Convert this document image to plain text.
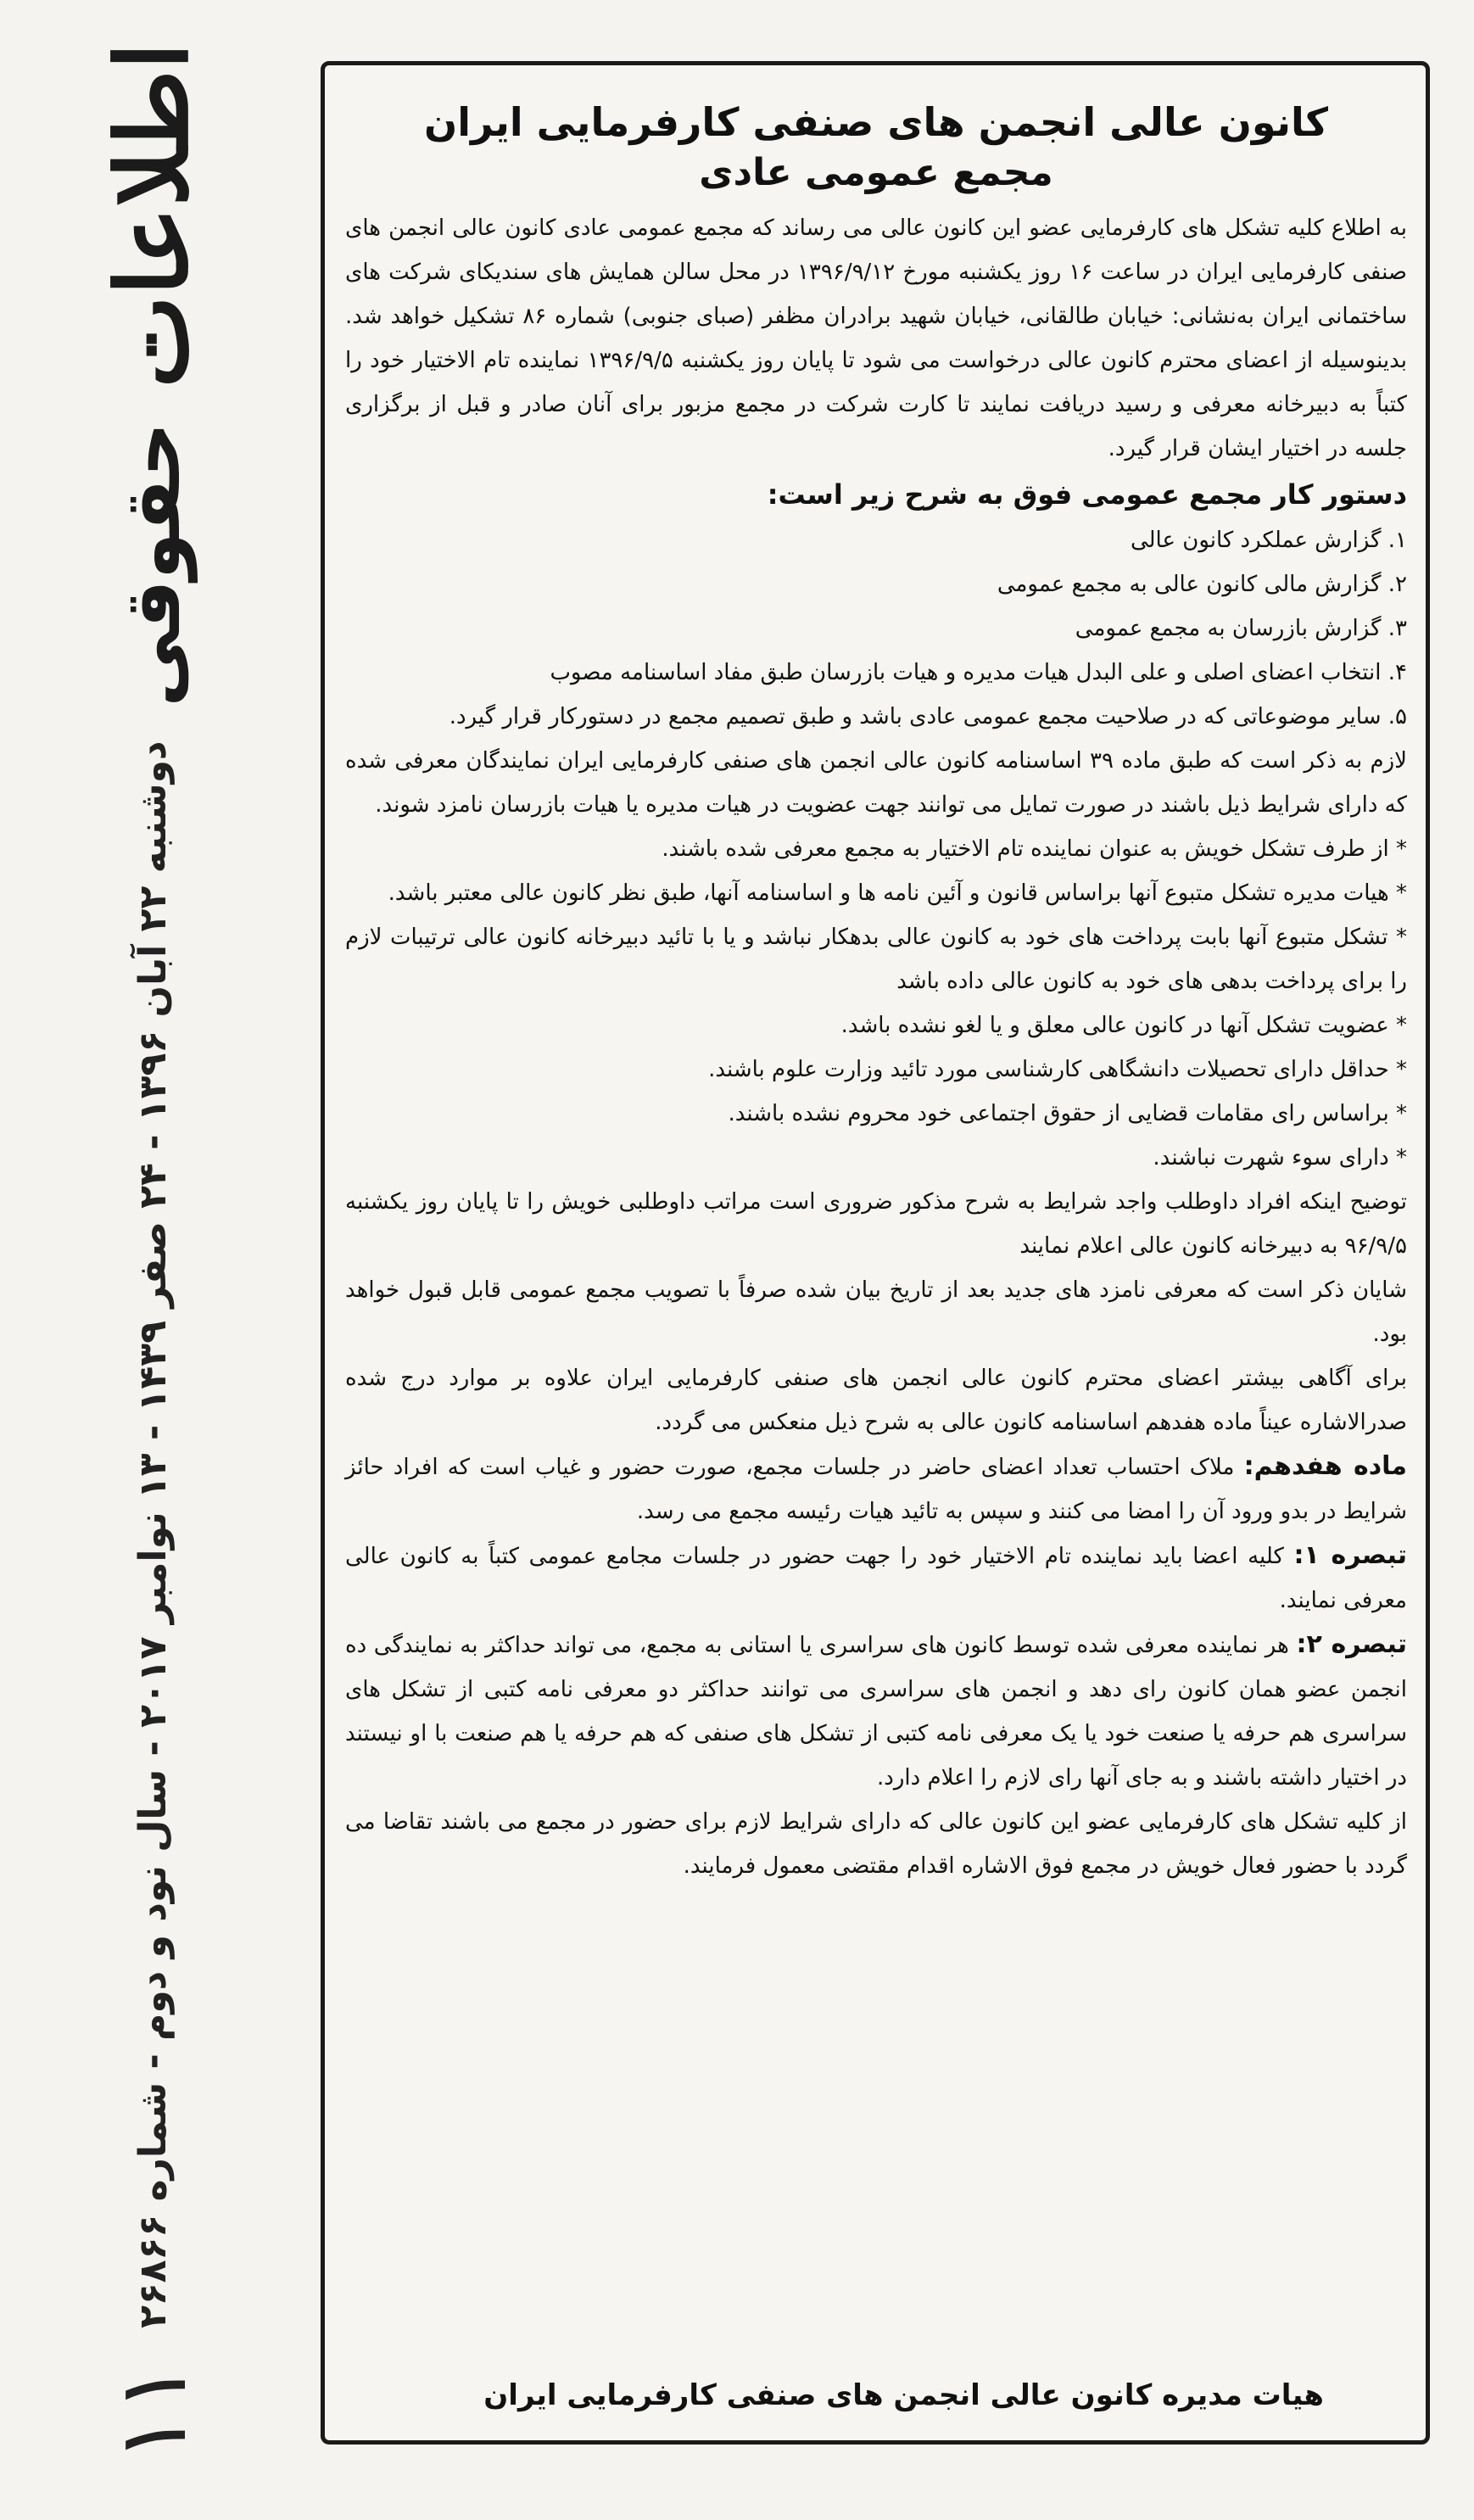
اطلاعات
حقوقی
دوشنبه ۲۲ آبان ۱۳۹۶ - ۲۴ صفر ۱۴۳۹ - ۱۳ نوامبر ۲۰۱۷ - سال نود و دوم - شماره ۲۶۸۶۶
۱۱

کانون عالی انجمن های صنفی کارفرمایی ایران

مجمع عمومی عادی

به اطلاع کلیه تشکل های کارفرمایی عضو این کانون عالی می رساند که مجمع عمومی عادی کانون عالی انجمن های صنفی کارفرمایی ایران در ساعت ۱۶ روز یکشنبه مورخ ۱۳۹۶/۹/۱۲ در محل سالن همایش های سندیکای شرکت های ساختمانی ایران به‌نشانی: خیابان طالقانی، خیابان شهید برادران مظفر (صبای جنوبی) شماره ۸۶ تشکیل خواهد شد. بدینوسیله از اعضای محترم کانون عالی درخواست می شود تا پایان روز یکشنبه ۱۳۹۶/۹/۵ نماینده تام الاختیار خود را کتباً به دبیرخانه معرفی و رسید دریافت نمایند تا کارت شرکت در مجمع مزبور برای آنان صادر و قبل از برگزاری جلسه در اختیار ایشان قرار گیرد.

دستور کار مجمع عمومی فوق به شرح زیر است:

۱. گزارش عملکرد کانون عالی
۲. گزارش مالی کانون عالی به مجمع عمومی
۳. گزارش بازرسان به مجمع عمومی
۴. انتخاب اعضای اصلی و علی البدل هیات مدیره و هیات بازرسان طبق مفاد اساسنامه مصوب
۵. سایر موضوعاتی که در صلاحیت مجمع عمومی عادی باشد و طبق تصمیم مجمع در دستورکار قرار گیرد.

لازم به ذکر است که طبق ماده ۳۹ اساسنامه کانون عالی انجمن های صنفی کارفرمایی ایران نمایندگان معرفی شده که دارای شرایط ذیل باشند در صورت تمایل می توانند جهت عضویت در هیات مدیره یا هیات بازرسان نامزد شوند.

* از طرف تشکل خویش به عنوان نماینده تام الاختیار به مجمع معرفی شده باشند.
* هیات مدیره تشکل متبوع آنها براساس قانون و آئین نامه ها و اساسنامه آنها، طبق نظر کانون عالی معتبر باشد.
* تشکل متبوع آنها بابت پرداخت های خود به کانون عالی بدهکار نباشد و یا با تائید دبیرخانه کانون عالی ترتیبات لازم را برای پرداخت بدهی های خود به کانون عالی داده باشد
* عضویت تشکل آنها در کانون عالی معلق و یا لغو نشده باشد.
* حداقل دارای تحصیلات دانشگاهی کارشناسی مورد تائید وزارت علوم باشند.
* براساس رای مقامات قضایی از حقوق اجتماعی خود محروم نشده باشند.
* دارای سوء شهرت نباشند.

توضیح اینکه افراد داوطلب واجد شرایط به شرح مذکور ضروری است مراتب داوطلبی خویش را تا پایان روز یکشنبه ۹۶/۹/۵ به دبیرخانه کانون عالی اعلام نمایند

شایان ذکر است که معرفی نامزد های جدید بعد از تاریخ بیان شده صرفاً با تصویب مجمع عمومی قابل قبول خواهد بود.

برای آگاهی بیشتر اعضای محترم کانون عالی انجمن های صنفی کارفرمایی ایران علاوه بر موارد درج شده صدرالاشاره عیناً ماده هفدهم اساسنامه کانون عالی به شرح ذیل منعکس می گردد.

ماده هفدهم: ملاک احتساب تعداد اعضای حاضر در جلسات مجمع، صورت حضور و غیاب است که افراد حائز شرایط در بدو ورود آن را امضا می کنند و سپس به تائید هیات رئیسه مجمع می رسد.

تبصره ۱: کلیه اعضا باید نماینده تام الاختیار خود را جهت حضور در جلسات مجامع عمومی کتباً به کانون عالی معرفی نمایند.

تبصره ۲: هر نماینده معرفی شده توسط کانون های سراسری یا استانی به مجمع، می تواند حداکثر به نمایندگی ده انجمن عضو همان کانون رای دهد و انجمن های سراسری می توانند حداکثر دو معرفی نامه کتبی از تشکل های سراسری هم حرفه یا صنعت خود یا یک معرفی نامه کتبی از تشکل های صنفی که هم حرفه یا هم صنعت با او نیستند در اختیار داشته باشند و به جای آنها رای لازم را اعلام دارد.

از کلیه تشکل های کارفرمایی عضو این کانون عالی که دارای شرایط لازم برای حضور در مجمع می باشند تقاضا می گردد با حضور فعال خویش در مجمع فوق الاشاره اقدام مقتضی معمول فرمایند.

هیات مدیره کانون عالی انجمن های صنفی کارفرمایی ایران
